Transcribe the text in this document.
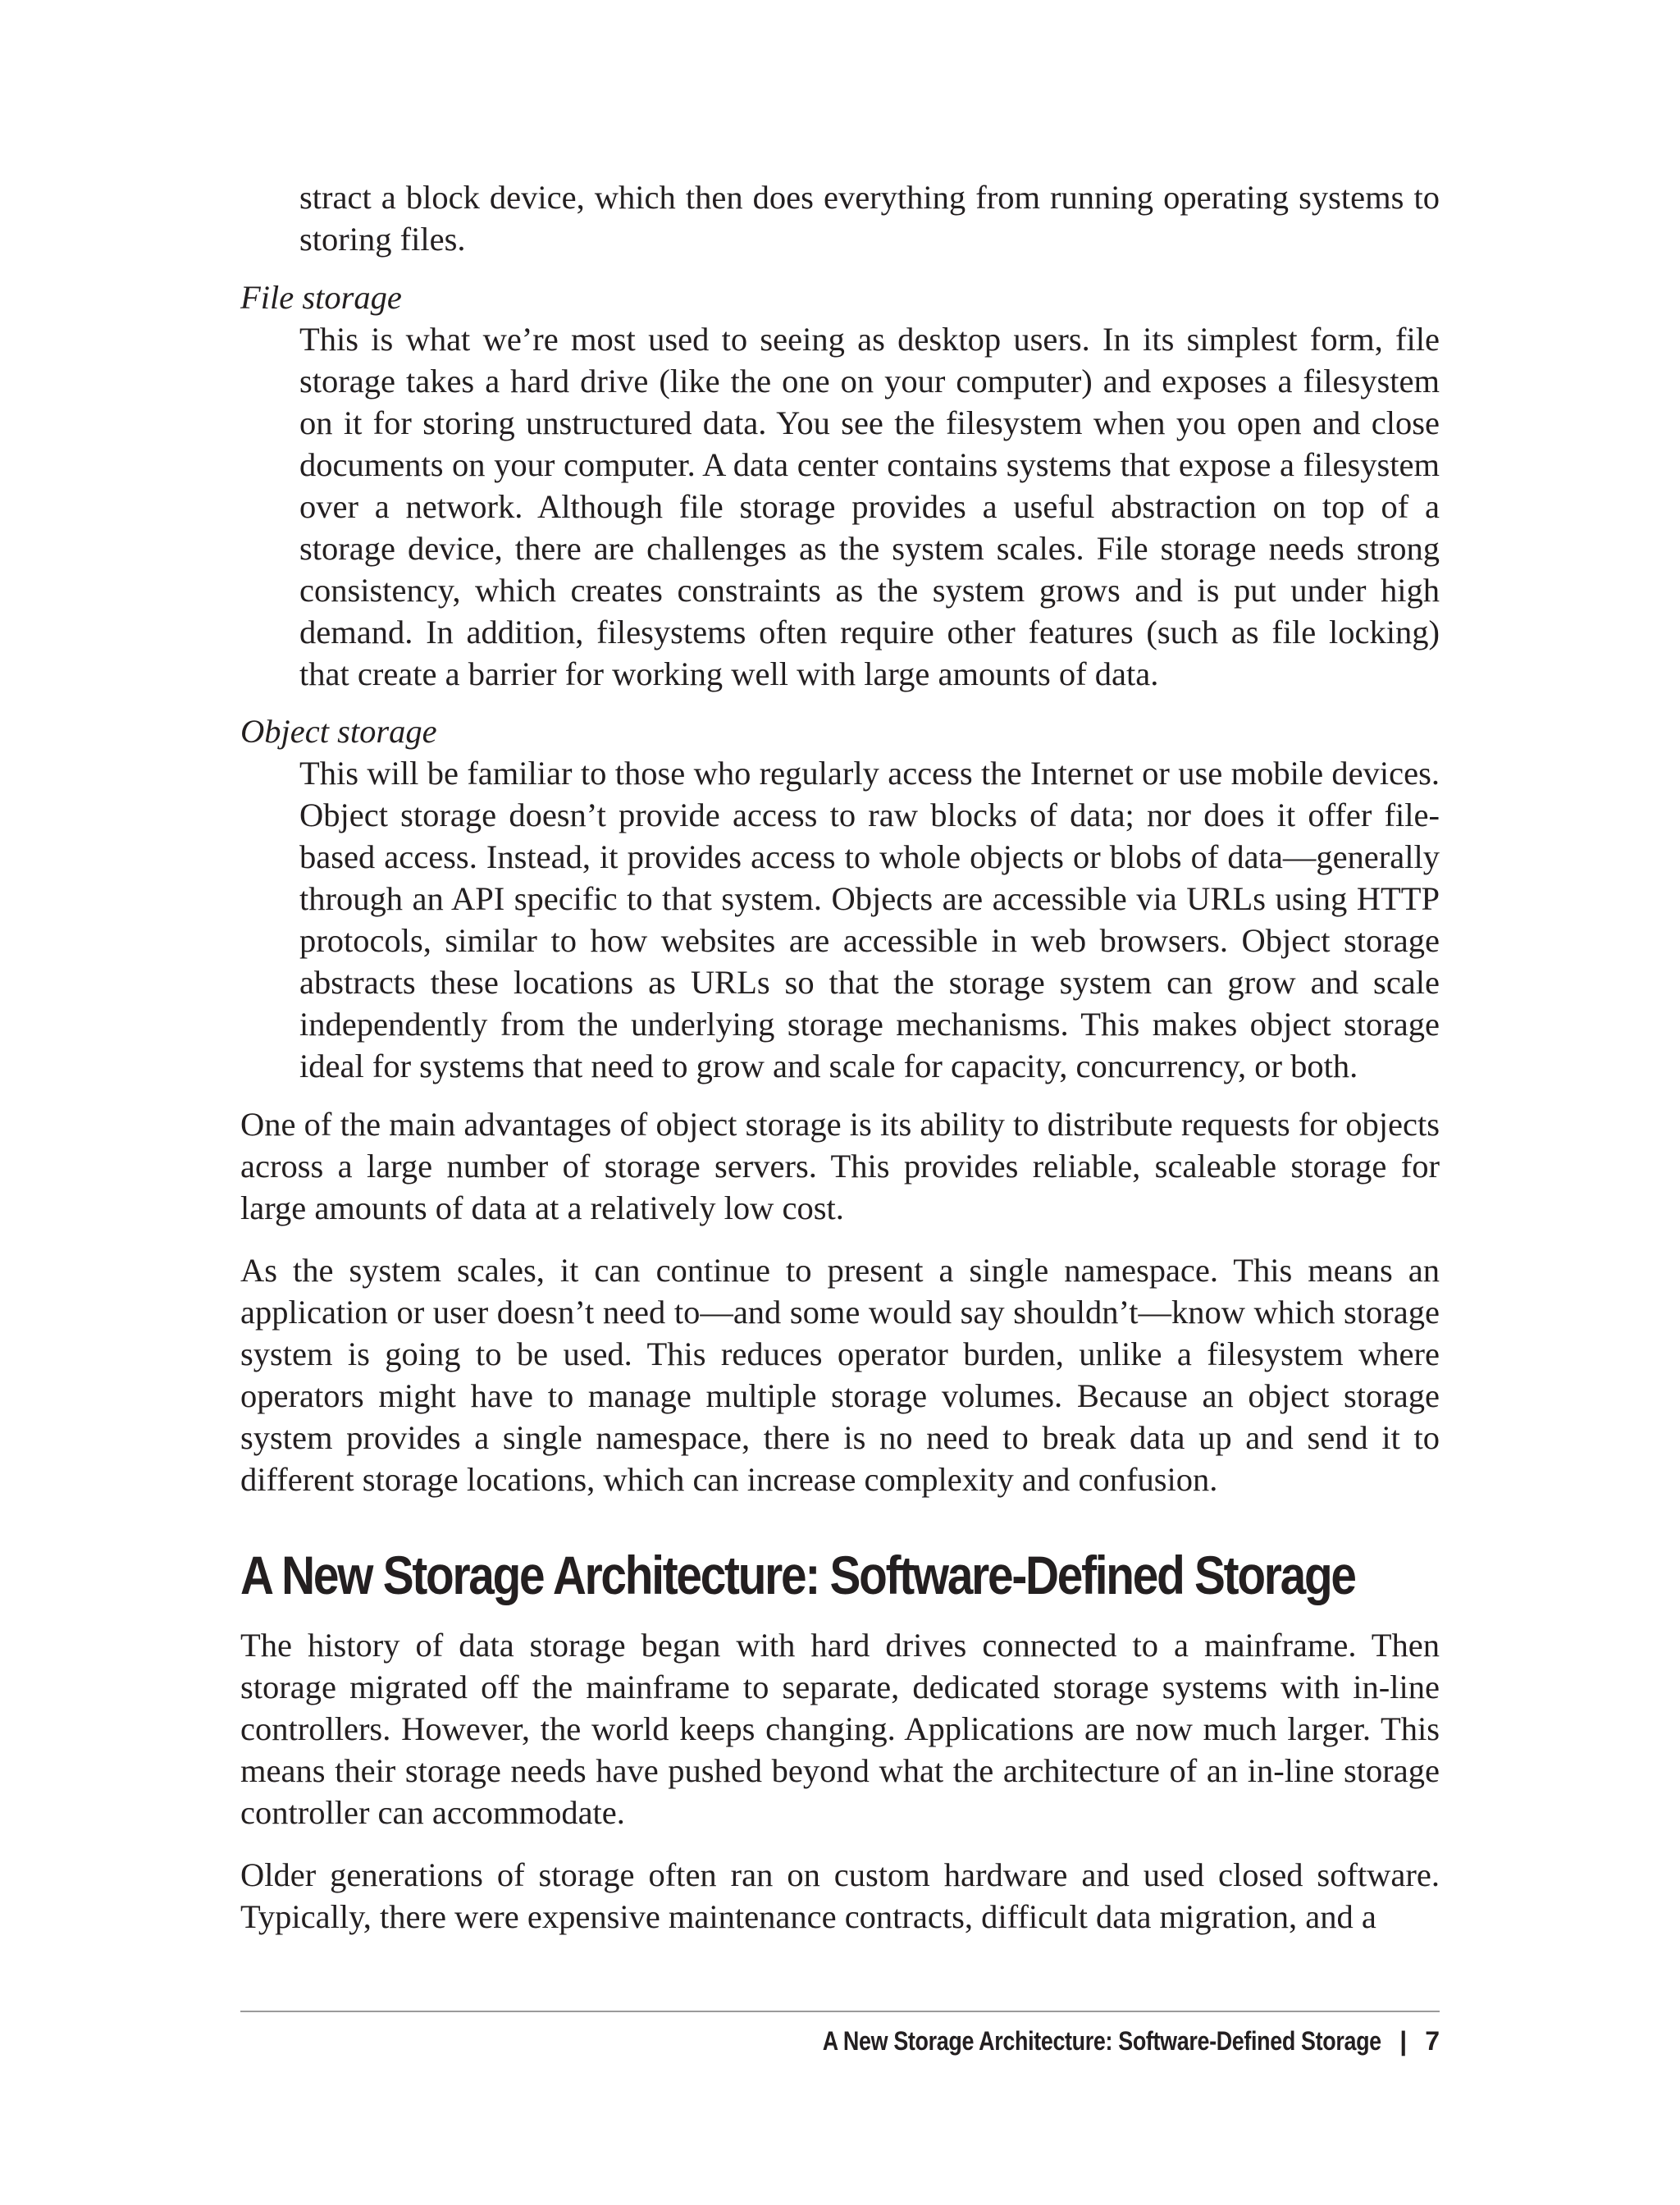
stract a block device, which then does everything from running operating systems to storing files.

File storage

This is what we’re most used to seeing as desktop users. In its simplest form, file storage takes a hard drive (like the one on your computer) and exposes a filesystem on it for storing unstructured data. You see the filesystem when you open and close documents on your computer. A data center contains systems that expose a filesystem over a network. Although file storage provides a useful abstraction on top of a storage device, there are challenges as the system scales. File storage needs strong consistency, which creates constraints as the system grows and is put under high demand. In addition, filesystems often require other features (such as file locking) that create a barrier for working well with large amounts of data.

Object storage

This will be familiar to those who regularly access the Internet or use mobile devices. Object storage doesn’t provide access to raw blocks of data; nor does it offer file-based access. Instead, it provides access to whole objects or blobs of data—generally through an API specific to that system. Objects are accessible via URLs using HTTP protocols, similar to how websites are accessible in web browsers. Object storage abstracts these locations as URLs so that the storage system can grow and scale independently from the underlying storage mechanisms. This makes object storage ideal for systems that need to grow and scale for capacity, concurrency, or both.

One of the main advantages of object storage is its ability to distribute requests for objects across a large number of storage servers. This provides reliable, scaleable storage for large amounts of data at a relatively low cost.

As the system scales, it can continue to present a single namespace. This means an application or user doesn’t need to—and some would say shouldn’t—know which storage system is going to be used. This reduces operator burden, unlike a filesystem where operators might have to manage multiple storage volumes. Because an object storage system provides a single namespace, there is no need to break data up and send it to different storage locations, which can increase complexity and confusion.

A New Storage Architecture: Software-Defined Storage

The history of data storage began with hard drives connected to a mainframe. Then storage migrated off the mainframe to separate, dedicated storage systems with in-line controllers. However, the world keeps changing. Applications are now much larger. This means their storage needs have pushed beyond what the architecture of an in-line storage controller can accommodate.

Older generations of storage often ran on custom hardware and used closed software. Typically, there were expensive maintenance contracts, difficult data migration, and a

A New Storage Architecture: Software-Defined Storage | 7
